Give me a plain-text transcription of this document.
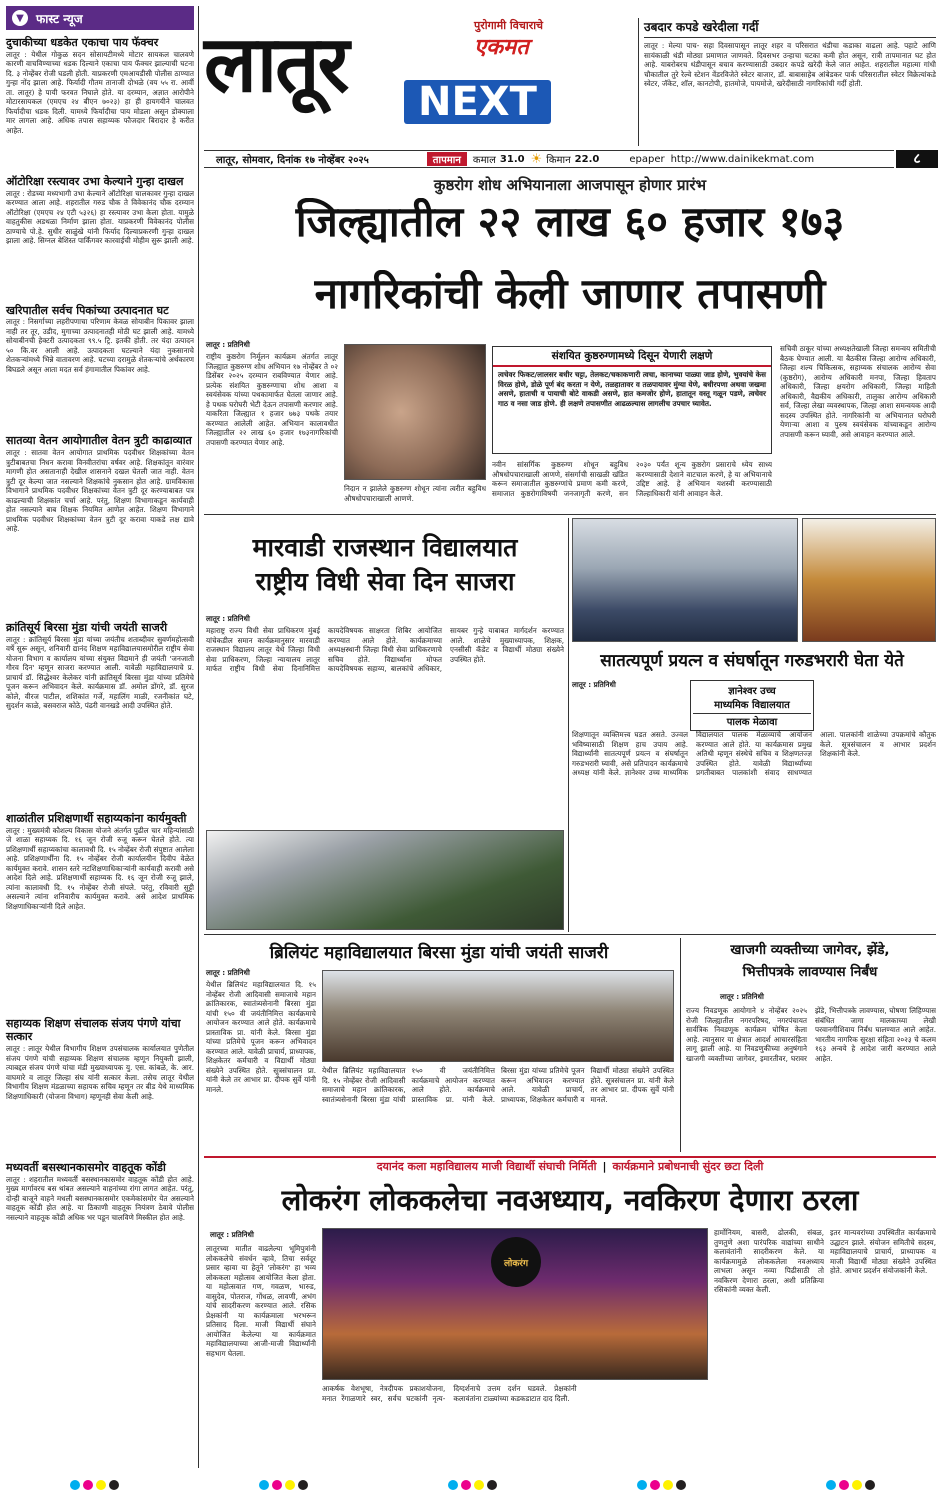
▼	फास्ट न्यूज
दुचाकीच्या धडकेत एकाचा पाय फॅक्चर
लातूर : येथील गोकुळ सदन सोसायटीमध्ये मोटार सायकल चालवणे कारणी वाचविण्याच्या धडक दिल्याने एकाचा पाय फॅक्चर झाल्याची घटना दि. ३ नोव्हेंबर रोजी घडली होती. याप्रकरणी एमआयडीसी पोलीस ठाण्यात गुन्हा नोंद झाला आहे. फिर्यादी गौतम तानाजी दोभळे (वय ५५ रा. आर्वी ता. लातूर) हे पायी फरवत निघाले होते. या दरम्यान, अज्ञात आरोपीने मोटारसायकल (एमएच २४ बीएन ७०२३) हा ही हायगयीने चालवत फिर्यादीचा धडक दिली. यामध्ये फिर्यादीचा पाय मोडला असून डोक्याला मार लागला आहे. अधिक तपास सहाय्यक फौजदार बिरादार हे करीत आहेत.
ऑटोरिक्षा रस्त्यावर उभा केल्याने गुन्हा दाखल
लातूर : रोडच्या मध्यभागी उभा केल्याने ऑटोरिक्षा चालकावर गुन्हा दाखल करण्यात आला आहे. शहरातील गरुड चौक ते विवेकानंद चौक दरम्यान ऑटोरिक्षा (एमएच २४ एटी ५३२६) हा रस्त्यावर उभा केला होता. यामुळे वाहतुकीस अडथळा निर्माण झाला होता. याप्रकरणी विवेकानंद पोलीस ठाण्याचे पो.हे. सुधीर साळुंखे यांनी फिर्याद दिल्याप्रकरणी गुन्हा दाखल झाला आहे. सिग्नल बेशिस्त पार्किंगवर कारवाईची मोहीम सुरू झाली आहे.
खरिपातील सर्वच पिकांच्या उत्पादनात घट
लातूर : निसर्गाच्या लहरीपणाचा परिणाम केवळ सोयाबीन पिकावर झाला नाही तर तूर, उडीद, मुगाच्या उत्पादनातही मोठी घट झाली आहे. यामध्ये सोयाबीनची हेक्टरी उत्पादकता ९९.५ ट्रि. इतकी होती. तर यंदा उत्पादन ५० कि.वर आली आहे. उत्पादकता घटल्याने यंदा नुकसानाचे शेतकऱ्यांमध्ये भिन्ने वातावरण आहे. घटच्या दरामुळे शेतकऱ्यांचे अर्थकारण बिघडले असून आता मदत सर्व हंगामातील पिकांवर आहे.
सातव्या वेतन आयोगातील वेतन त्रुटी काढाव्यात
लातूर : सातवा वेतन आयोगात प्राथमिक पदवीधर शिक्षकांच्या वेतन त्रुटीबाबतचा निधन करावा विनवीतरांचा वर्षवर आहे. शिक्षकांतून वारंवार मागणी होत असतानाही देखील शासनाने दखल घेतली जात नाही. वेतन त्रुटी दूर केल्या जात नसल्याने शिक्षकांचे नुकसान होत आहे. ग्रामविकास विभागाने प्राथमिक पदवीधर शिक्षकांच्या वेतन त्रुटी दूर करण्याबाबत पत्र काढल्याची शिक्षकांत चर्चा आहे. परंतु, शिक्षण विभागाकडून कार्यवाही होत नसल्याने बाब शिक्षक नियमित आणेल आहेत. शिक्षण विभागाने प्राथमिक पदवीधर शिक्षकांच्या वेतन त्रुटी दूर करावा याकडे लक्ष द्यावे आहे.
क्रांतिसूर्य बिरसा मुंडा यांची जयंती साजरी
लातूर : क्रांतिसूर्य बिरसा मुंडा यांच्या जयंतीच शताब्दीवर सुवर्णमहोत्सवी वर्षे सुरू असून, शनिवारी द्यानंद शिक्षण महाविद्यालयासमोरील राष्ट्रीय सेवा योजना विभाग व कार्यालय यांच्या संयुक्त विद्यमाने ही जयंती 'जनजाती गौरव दिन' म्हणून साजरा करण्यात आली. यावेळी महाविद्यालयाचे प्र. प्राचार्य डॉ. सिद्धेश्वर केलेकर यांनी क्रांतिसूर्य बिरसा मुंडा यांच्या प्रतिमेचे पूजन करून अभिवादन केले. कार्यक्रमास डॉ. अमोल डोंगरे, डॉ. सुरज कोले, वीरज पाटील, शशिकांत गर्जे, महालिंग माळी, रजनीकांत घटे, सुदर्शन काळे, बसवराज कोठे, पंढरी वानखडे आदी उपस्थित होते.
शाळांतील प्रशिक्षणार्थी सहाय्यकांना कार्यमुक्ती
लातूर : मुख्यमंत्री कौशल्य विकास योजने अंतर्गत पुढील चार महिन्यांसाठी जे शाळा सहाय्यक दि. १६ जून रोजी रुजू करून घेतले होते. त्या प्रशिक्षणार्थी सहाय्यकांचा कालावधी दि. १५ नोव्हेंबर रोजी संपुष्टात आलेला आहे. प्रशिक्षणार्थींना दि. १५ नोव्हेंबर रोजी कार्यालयीन दिवीप वेळेत कार्यमुक्त करावे. शासन स्तरे नटशिक्षणाधिकाऱ्यांनी कार्यवाही करावी असे आदेश दिले आहे. प्रशिक्षणार्थी सहाय्यक दि. १६ जून रोजी रुजू झाले, त्यांना कालावधी दि. १५ नोव्हेंबर रोजी संपले. परंतु, रविवारी सुट्टी असल्याने त्यांना शनिवारीच कार्यमुक्त करावे. असे आदेश प्राथमिक शिक्षणाधिकाऱ्यांनी दिले आहेत.
सहाय्यक शिक्षण संचालक संजय पंगणे यांचा सत्कार
लातूर : लातूर येथील विभागीय शिक्षण उपसंचालक कार्यालयात पुणेतील संजय पंगणे यांची सहाय्यक शिक्षण संचालक म्हणून नियुक्ती झाली, त्याबद्दल संजय पंगणे यांचा मंडी मुख्याध्यापक यु. एस. कांबळे, के. आर. वाघमारे व लातूर जिल्हा संघ यांनी सत्कार केला. तसेच लातूर येथील विभागीय शिक्षण मंडळाच्या सहायक सचिव म्हणून तर बीड येथे माध्यमिक शिक्षणाधिकारी (योजना विभाग) म्हणूनही सेवा केली आहे.
मध्यवर्ती बसस्थानकासमोर वाहतूक कोंडी
लातूर : शहरातील मध्यवर्ती बसस्थानकासमोर वाहतूक कोंडी होत आहे. मुख्य मार्गावरच बस थांबत असल्याने वाहनांच्या रांगा लागत आहेत. परंतु, दोन्ही बाजूने वाहने मधली बसस्थानकासमोर एकमेकांसमोर येत असल्याने वाहतूक कोंडी होत आहे. या ठिकाणी वाहतूक नियंत्रण ठेवावे पोलीस नसल्याने वाहतूक कोंडी अधिक भर पडून चालविणे मिस्कील होत आहे.
लातूर	पुरोगामी विचाराचे
एकमत
NEXT
लातूर, सोमवार, दिनांक १७ नोव्हेंबर २०२५	तापमान	कमाल 31.0 ☀ किमान 22.0	epaper http://www.dainikekmat.com	८
उबदार कपडे खरेदीला गर्दी
लातूर : मेल्या पाच- सहा दिवसापासून लातूर शहर व परिसरात थंडीचा कडाका वाढला आहे. पहाटे आणि सायंकाळी थंडी मोठ्या प्रमाणात जाणवते. दिवसभर उन्हाचा चटका कमी होत असून, रात्री तापमानात घट होत आहे. याबरोबरच थंडीपासून बचाव करण्यासाठी उबदार कपडे खरेदी केले जात आहेत. शहरातील महात्मा गांधी चौकातील तुरे रेल्वे स्टेशन वेंडरविजेते स्वेटर बाजार, डॉ. बाबासाहेब आंबेडकर पार्क परिसरातील स्वेटर विक्रेत्यांकडे स्वेटर, जॅकेट, शॉल, कानटोपी, हातमोजे, पायमोजे, खरेदीसाठी नागरिकांची गर्दी होती.
कुष्ठरोग शोध अभियानाला आजपासून होणार प्रारंभ
जिल्ह्यातील २२ लाख ६० हजार १७३
नागरिकांची केली जाणार तपासणी
लातूर : प्रतिनिधी
राष्ट्रीय कुष्ठरोग निर्मूलन कार्यक्रम अंतर्गत लातूर जिल्ह्यात कुष्ठरुग्ण शोध अभियान १७ नोव्हेंबर ते ०२ डिसेंबर २०२५ दरम्यान राबविण्यात येणार आहे. प्रत्येक संशयित कुष्ठरुग्णाचा शोध आशा व स्वयंसेवक यांच्या पथकामार्फत घेतला जाणार आहे. हे पथक घरोघरी भेटी देऊन तपासणी करणार आहे. याकरिता जिल्ह्यात १ हजार ७७३ पथके तयार करण्यात आलेली आहेत. अभियान कालावधीत जिल्ह्यातील २२ लाख ६० हजार १७३नागरिकांची तपासणी करण्यात येणार आहे.
निदान न झालेले कुष्ठरुग्ण शोधून त्यांना त्वरीत बहुविध औषधोपचाराखाली आणणे.
संशयित कुष्ठरुग्णामध्ये दिसून येणारी लक्षणे
त्वचेवर फिकट/लालसर बधीर चट्टा, तेलकट/चकाकणारी त्वचा, कानाच्या पाळ्या जाड होणे, भुवयांचे केस विरळ होणे, डोळे पूर्ण बंद करता न येणे, तळहातावर व तळपायावर मुंग्या येणे, बधीरपणा अथवा जखमा असणे, हाताची व पायाची बोटे वाकडी असणे, हात कमजोर होणे, हातातून वस्तू गळून पडणे, त्वचेवर गाठ व नसा जाड होणे. ही लक्षणे तपासणीत आढळल्यास लागलीच उपचार घ्यावेत.
नवीन सांसर्गिक कुष्ठरुग्ण शोधून बहुविध औषधोपचाराखाली आणणे, संसर्गाची साखळी खंडित करून समाजातील कुष्ठरुग्णांचे प्रमाण कमी करणे, समाजात कुष्ठरोगाविषयी जनजागृती करणे, सन २०३० पर्यंत शून्य कुष्ठरोग प्रसाराचे ध्येय साध्य करण्यासाठी देशाने वाटचाल करणे, हे या अभियानाचे उद्दिष्ट आहे. हे अभियान यशस्वी करण्यासाठी जिल्हाधिकारी यांनी आवाहन केले.
सचिवी ठाकूर यांच्या अध्यक्षतेखाली जिल्हा समन्वय समितीची बैठक घेण्यात आली. या बैठकीस जिल्हा आरोग्य अधिकारी, जिल्हा शल्य चिकित्सक, सहाय्यक संचालक आरोग्य सेवा (कुष्ठरोग), आरोग्य अधिकारी मनपा, जिल्हा हिवताप अधिकारी, जिल्हा क्षयरोग अधिकारी, जिल्हा माहिती अधिकारी, वैद्यकीय अधिकारी, तालुका आरोग्य अधिकारी सर्व, जिल्हा लेखा व्यवस्थापक, जिल्हा आशा समन्वयक आदी सदस्य उपस्थित होते. नागरिकांनी या अभियानात घरोघरी येणाऱ्या आशा व पुरुष स्वयंसेवक यांच्याकडून आरोग्य तपासणी करून घ्यावी, असे आवाहन करण्यात आले.
मारवाडी राजस्थान विद्यालयात
राष्ट्रीय विधी सेवा दिन साजरा
लातूर : प्रतिनिधी
महाराष्ट्र राज्य विधी सेवा प्राधिकरण मुंबई यांचेकडील समान कार्यक्रमानुसार मारवाडी राजस्थान विद्यालय लातूर येथे जिल्हा विधी सेवा प्राधिकरण, जिल्हा न्यायालय लातूर मार्फत राष्ट्रीय विधी सेवा दिनानिमित्त कायदेविषयक साक्षरता शिबिर आयोजित करण्यात आले होते. कार्यक्रमाच्या अध्यक्षस्थानी जिल्हा विधी सेवा प्राधिकरणाचे सचिव होते. विद्यार्थ्यांना मोफत कायदेविषयक सहाय्य, बालकांचे अधिकार, सायबर गुन्हे याबाबत मार्गदर्शन करण्यात आले. शाळेचे मुख्याध्यापक, शिक्षक, एनसीसी कॅडेट व विद्यार्थी मोठ्या संख्येने उपस्थित होते.	सातत्यपूर्ण प्रयत्न व संघर्षातून गरुडभरारी घेता येते
लातूर : प्रतिनिधी
ज्ञानेश्वर उच्च
माध्यमिक विद्यालयात
पालक मेळावा
शिक्षणातून व्यक्तिमत्त्व घडत असते. उज्वल भविष्यासाठी शिक्षण हाच उपाय आहे. विद्यार्थ्यांनी सातत्यपूर्ण प्रयत्न व संघर्षातून गरुडभरारी घ्यावी, असे प्रतिपादन कार्यक्रमाचे अध्यक्ष यांनी केले. ज्ञानेश्वर उच्च माध्यमिक विद्यालयात पालक मेळाव्याचे आयोजन करण्यात आले होते. या कार्यक्रमास प्रमुख अतिथी म्हणून संस्थेचे सचिव व शिक्षणतज्ज्ञ उपस्थित होते. यावेळी विद्यार्थ्यांच्या प्रगतीबाबत पालकांशी संवाद साधण्यात आला. पालकांनी शाळेच्या उपक्रमांचे कौतुक केले. सूत्रसंचालन व आभार प्रदर्शन शिक्षकांनी केले.
ब्रिलियंट महाविद्यालयात बिरसा मुंडा यांची जयंती साजरी
लातूर : प्रतिनिधी
येथील ब्रिलियंट महाविद्यालयात दि. १५ नोव्हेंबर रोजी आदिवासी समाजाचे महान क्रांतिकारक, स्वातंत्र्यसेनानी बिरसा मुंडा यांची १५० वी जयंतीनिमित्त कार्यक्रमाचे आयोजन करण्यात आले होते. कार्यक्रमाचे प्रास्ताविक प्रा. यांनी केले. बिरसा मुंडा यांच्या प्रतिमेचे पूजन करून अभिवादन करण्यात आले. यावेळी प्राचार्य, प्राध्यापक, शिक्षकेतर कर्मचारी व विद्यार्थी मोठ्या संख्येने उपस्थित होते. सूत्रसंचालन प्रा. यांनी केले तर आभार प्रा. दीपक सुर्वे यांनी मानले.
येथील ब्रिलियंट महाविद्यालयात दि. १५ नोव्हेंबर रोजी आदिवासी समाजाचे महान क्रांतिकारक, स्वातंत्र्यसेनानी बिरसा मुंडा यांची १५० वी जयंतीनिमित्त कार्यक्रमाचे आयोजन करण्यात आले होते. कार्यक्रमाचे प्रास्ताविक प्रा. यांनी केले. बिरसा मुंडा यांच्या प्रतिमेचे पूजन करून अभिवादन करण्यात आले. यावेळी प्राचार्य, प्राध्यापक, शिक्षकेतर कर्मचारी व विद्यार्थी मोठ्या संख्येने उपस्थित होते. सूत्रसंचालन प्रा. यांनी केले तर आभार प्रा. दीपक सुर्वे यांनी मानले.
खाजगी व्यक्तीच्या जागेवर, झेंडे,
भित्तीपत्रके लावण्यास निर्बंध
लातूर : प्रतिनिधी
राज्य निवडणूक आयोगाने ४ नोव्हेंबर २०२५ रोजी जिल्ह्यातील नगरपरिषद, नगरपंचायत सार्वत्रिक निवडणूक कार्यक्रम घोषित केला आहे. त्यानुसार या क्षेत्रात आदर्श आचारसंहिता लागू झाली आहे. या निवडणुकीच्या अनुषंगाने खाजगी व्यक्तीच्या जागेवर, इमारतीवर, घरावर झेंडे, भित्तीपत्रके लावण्यास, घोषणा लिहिण्यास संबंधित जागा मालकाच्या लेखी परवानगीशिवाय निर्बंध घालण्यात आले आहेत. भारतीय नागरिक सुरक्षा संहिता २०२३ चे कलम १६३ अन्वये हे आदेश जारी करण्यात आले आहेत.
दयानंद कला महाविद्यालय माजी विद्यार्थी संघाची निर्मिती | कार्यक्रमाने प्रबोधनाची सुंदर छटा दिली
लोकरंग लोककलेचा नवअध्याय, नवकिरण देणारा ठरला
लातूर : प्रतिनिधी
लातूरच्या मातीत वाढलेल्या भूमिपुत्रांनी लोककलेचे संवर्धन व्हावे, तिचा सर्वदूर प्रसार व्हावा या हेतूने 'लोकरंग' हा भव्य लोककला महोत्सव आयोजित केला होता. या महोत्सवात गण, गवळण, भारुड, वासुदेव, पोतराज, गोंधळ, लावणी, अभंग यांचे सादरीकरण करण्यात आले. रसिक प्रेक्षकांनी या कार्यक्रमाला भरभरून प्रतिसाद दिला. माजी विद्यार्थी संघाने आयोजित केलेल्या या कार्यक्रमात महाविद्यालयाच्या आजी-माजी विद्यार्थ्यांनी सहभाग घेतला.
लोकरंग
आकर्षक वेशभूषा, नेत्रदीपक प्रकाशयोजना, मनात रेंगाळणारे स्वर, सर्वच घटकांनी नृत्य-दिग्दर्शनाचे उत्तम दर्शन घडवले. प्रेक्षकांनी कलावंतांना टाळ्यांच्या कडकडाटात दाद दिली.
हार्मोनियम, बासरी, ढोलकी, संबळ, तुणतुणे अशा पारंपरिक वाद्यांच्या साथीने कलावंतांनी सादरीकरण केले. या कार्यक्रमामुळे लोककलेला नवअध्याय लाभला असून नव्या पिढीसाठी तो नवकिरण देणारा ठरला, अशी प्रतिक्रिया रसिकांनी व्यक्त केली.
इतर मान्यवरांच्या उपस्थितीत कार्यक्रमाचे उद्घाटन झाले. संयोजन समितीचे सदस्य, महाविद्यालयाचे प्राचार्य, प्राध्यापक व माजी विद्यार्थी मोठ्या संख्येने उपस्थित होते. आभार प्रदर्शन संयोजकांनी केले.
